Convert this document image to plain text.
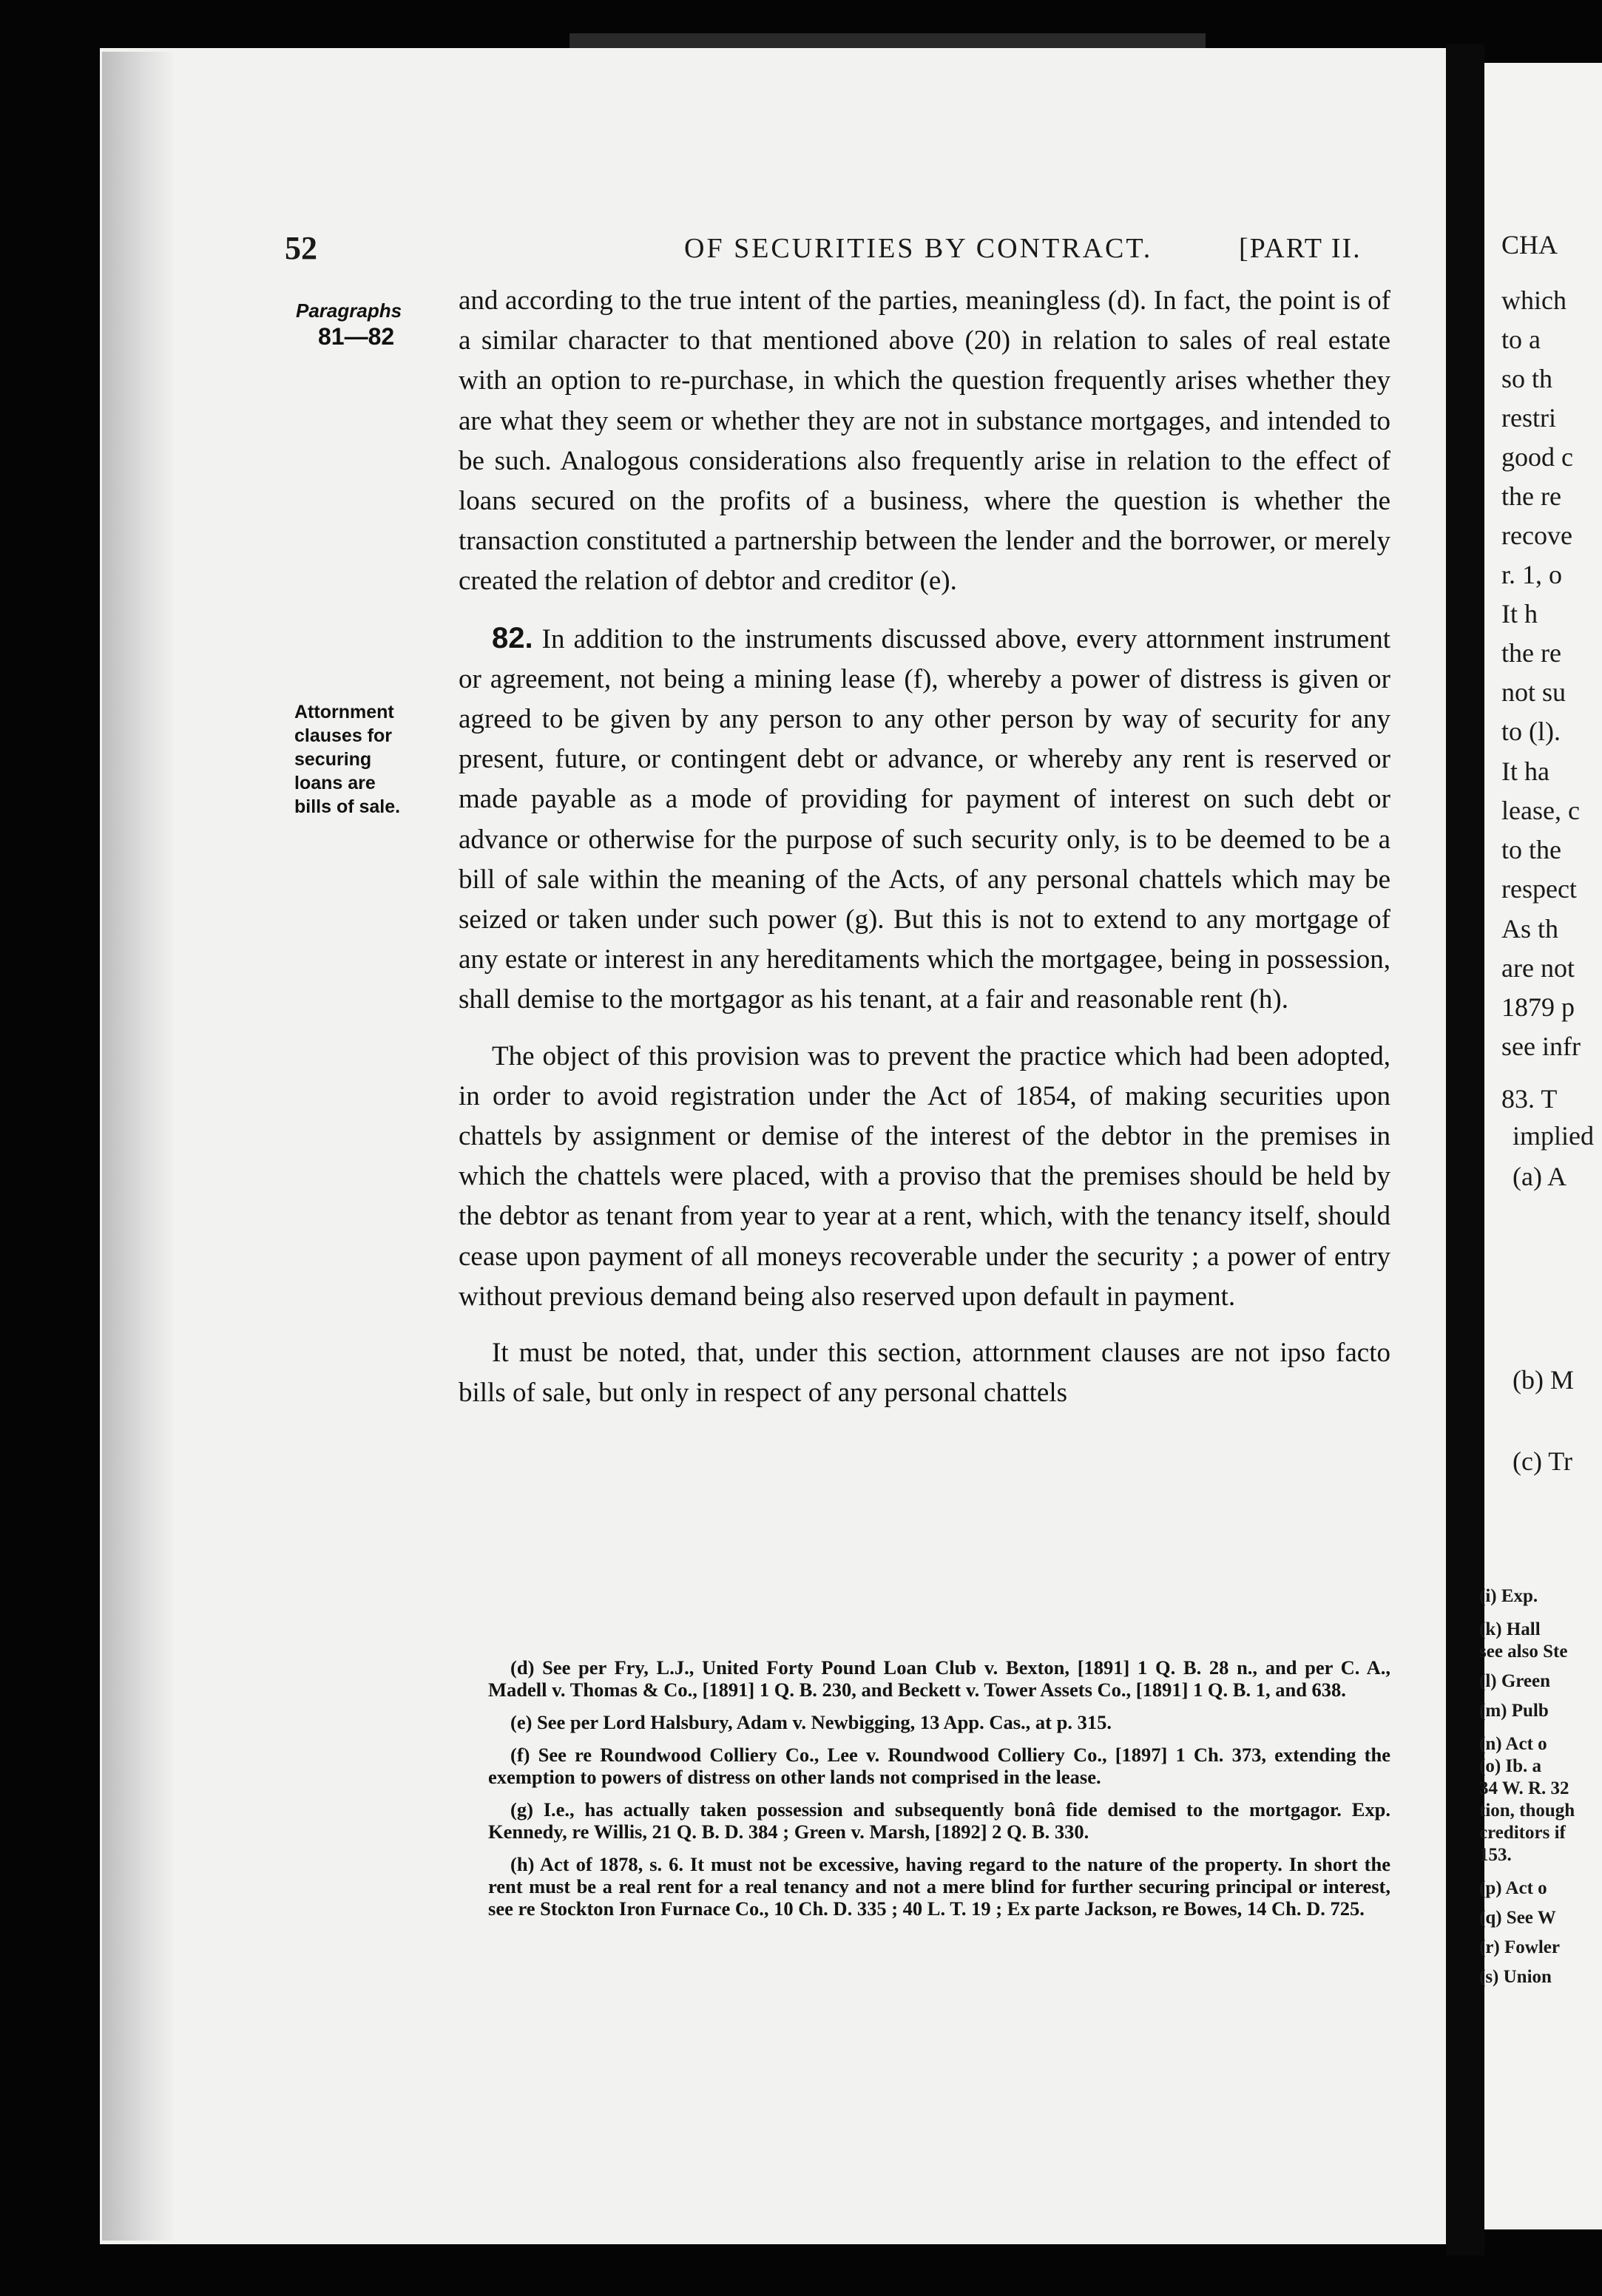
52	OF SECURITIES BY CONTRACT.	[PART II.
Paragraphs
81—82
Attornment
clauses for
securing
loans are
bills of sale.

and according to the true intent of the parties, meaningless (d). In fact, the point is of a similar character to that mentioned above (20) in relation to sales of real estate with an option to re-purchase, in which the question frequently arises whether they are what they seem or whether they are not in substance mortgages, and intended to be such. Analogous considerations also frequently arise in relation to the effect of loans secured on the profits of a business, where the question is whether the transaction constituted a partnership between the lender and the borrower, or merely created the relation of debtor and creditor (e).

82. In addition to the instruments discussed above, every attornment instrument or agreement, not being a mining lease (f), whereby a power of distress is given or agreed to be given by any person to any other person by way of security for any present, future, or contingent debt or advance, or whereby any rent is reserved or made payable as a mode of providing for payment of interest on such debt or advance or otherwise for the purpose of such security only, is to be deemed to be a bill of sale within the meaning of the Acts, of any personal chattels which may be seized or taken under such power (g). But this is not to extend to any mortgage of any estate or interest in any hereditaments which the mortgagee, being in possession, shall demise to the mortgagor as his tenant, at a fair and reasonable rent (h).

The object of this provision was to prevent the practice which had been adopted, in order to avoid registration under the Act of 1854, of making securities upon chattels by assignment or demise of the interest of the debtor in the premises in which the chattels were placed, with a proviso that the premises should be held by the debtor as tenant from year to year at a rent, which, with the tenancy itself, should cease upon payment of all moneys recoverable under the security ; a power of entry without previous demand being also reserved upon default in payment.

It must be noted, that, under this section, attornment clauses are not ipso facto bills of sale, but only in respect of any personal chattels

(d) See per Fry, L.J., United Forty Pound Loan Club v. Bexton, [1891] 1 Q. B. 28 n., and per C. A., Madell v. Thomas & Co., [1891] 1 Q. B. 230, and Beckett v. Tower Assets Co., [1891] 1 Q. B. 1, and 638.

(e) See per Lord Halsbury, Adam v. Newbigging, 13 App. Cas., at p. 315.

(f) See re Roundwood Colliery Co., Lee v. Roundwood Colliery Co., [1897] 1 Ch. 373, extending the exemption to powers of distress on other lands not comprised in the lease.

(g) I.e., has actually taken possession and subsequently bonâ fide demised to the mortgagor. Exp. Kennedy, re Willis, 21 Q. B. D. 384 ; Green v. Marsh, [1892] 2 Q. B. 330.

(h) Act of 1878, s. 6. It must not be excessive, having regard to the nature of the property. In short the rent must be a real rent for a real tenancy and not a mere blind for further securing principal or interest, see re Stockton Iron Furnace Co., 10 Ch. D. 335 ; 40 L. T. 19 ; Ex parte Jackson, re Bowes, 14 Ch. D. 725.

CHA
which
to a
so th
restri
good c
the re
recove
r. 1, o
It h
the re
not su
to (l).
It ha
lease, c
to the
respect
As th
are not
1879 p
see infr
83. T
implied
(a) A
(b) M
(c) Tr
(i) Exp.
(k) Hall
see also Ste
(l) Green
(m) Pulb
(n) Act o
(o) Ib. a
34 W. R. 32
tion, though
creditors if
153.
(p) Act o
(q) See W
(r) Fowler
(s) Union
